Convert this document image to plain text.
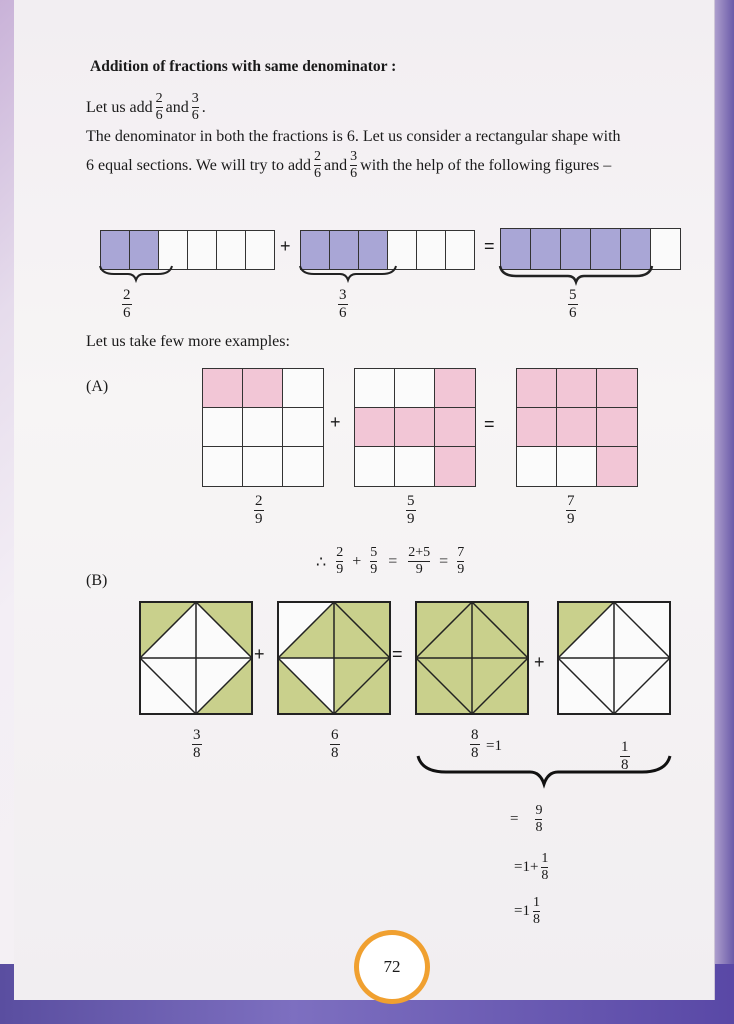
Addition of fractions with same denominator :
Let us add $\frac{2}{6}$ and $\frac{3}{6}$ .
The denominator in both the fractions is 6. Let us consider a rectangular shape with
6 equal sections. We will try to add $\frac{2}{6}$ and $\frac{3}{6}$ with the help of the following figures –
2
6
3
6
5
6
+	=
Let us take few more examples:
(A)
2
9
5
9
7
9
+	=
∴ $\frac{2}{9} + \frac{5}{9} = \frac{2+5}{9} = \frac{7}{9}$
(B)
3
8
6
8
8
8 =1	1
8
+	=	+
= $\frac{9}{8}$
$=1+ \frac{1}{8}$
$=1 \frac{1}{8}$
72
